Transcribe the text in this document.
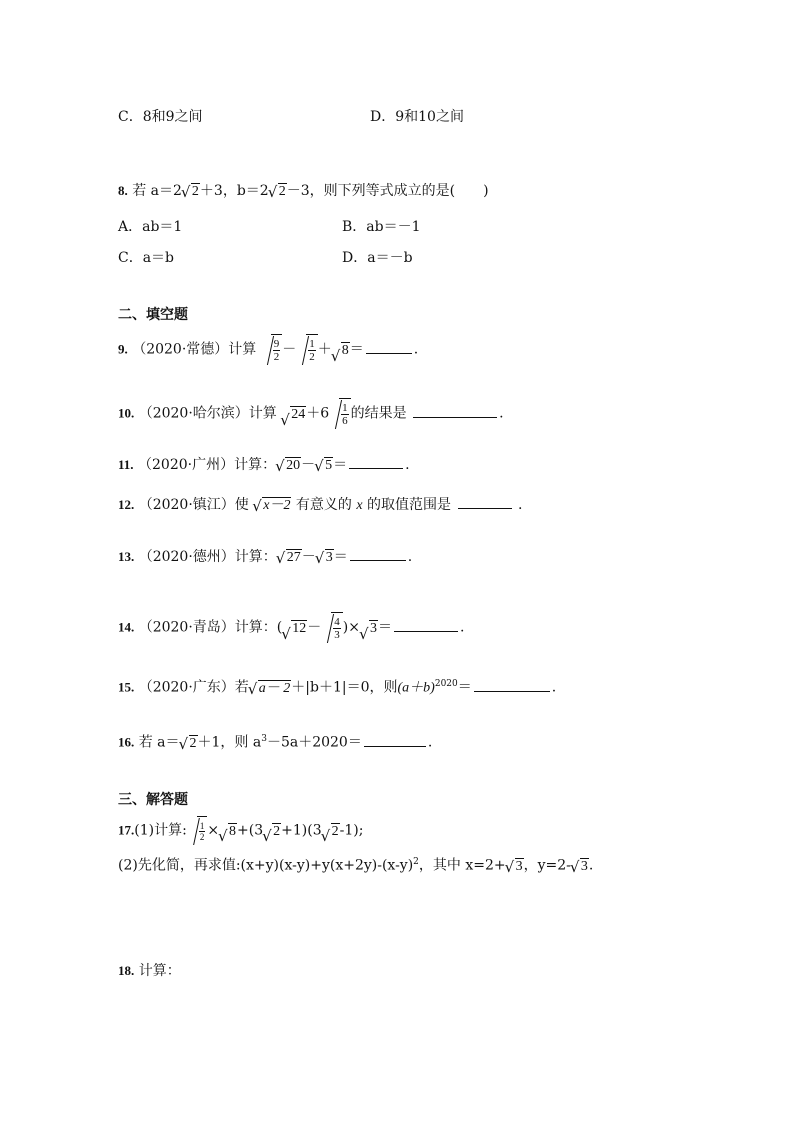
C．8和9之间	D．9和10之间
8. 若 a＝2 √ 2＋3，b＝2 √ 2－3，则下列等式成立的是(　　)
A．ab＝1	B．ab＝－1
C．a＝b	D．a＝－b
二、填空题
9. （2020·常德）计算 $\frac{9}{2} - \frac{1}{2}$ ＋ √ 8＝	.
10. （2020·哈尔滨）计算 √ $24+6 \frac{1}{6}$ 的结果是	.
11. （2020·广州）计算： √ 20－ √ 5＝	.
12. （2020·镇江）使 √ x－2 有意义的 x 的取值范围是	.
13. （2020·德州）计算： √ 27－ √ 3＝	.
14. （2020·青岛）计算：( √ $12- \frac{4}{3}$ )× √ 3＝	.
15. （2020·广东）若 √ a－ 2＋|b＋1|＝0，则$(a+b)^{2020}=$	.
16. 若 a＝ √ 2＋1，则 $a^3-5a+2020=$	.
三、解答题
17.(1)计算: $\frac{1}{2}$ × √ 8+(3 √ 2+1)(3 √ 2-1);
(2)先化简，再求值$:(x+y)(x-y)+y(x+2y)-(x-y)^2$，其中 x=2+ √ 3，y=2- √ 3.
18. 计算：
